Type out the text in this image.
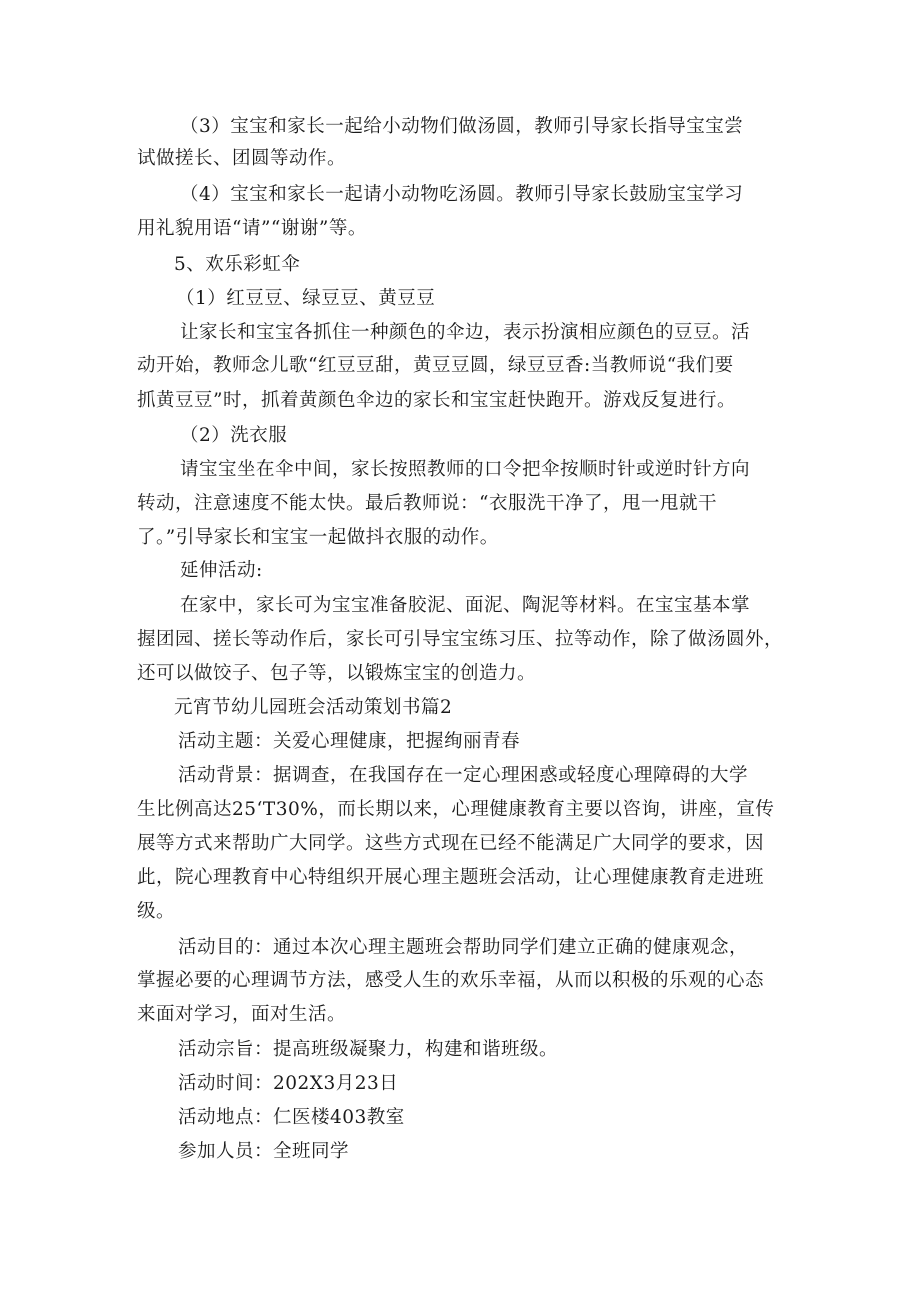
（3）宝宝和家长一起给小动物们做汤圆，教师引导家长指导宝宝尝
试做搓长、团圆等动作。
（4）宝宝和家长一起请小动物吃汤圆。教师引导家长鼓励宝宝学习
用礼貌用语“请”“谢谢”等。
5、欢乐彩虹伞
（1）红豆豆、绿豆豆、黄豆豆
让家长和宝宝各抓住一种颜色的伞边，表示扮演相应颜色的豆豆。活
动开始，教师念儿歌“红豆豆甜，黄豆豆圆，绿豆豆香:当教师说“我们要
抓黄豆豆”时，抓着黄颜色伞边的家长和宝宝赶快跑开。游戏反复进行。
（2）洗衣服
请宝宝坐在伞中间，家长按照教师的口令把伞按顺时针或逆时针方向
转动，注意速度不能太快。最后教师说：“衣服洗干净了，甩一甩就干
了。”引导家长和宝宝一起做抖衣服的动作。
延伸活动:
在家中，家长可为宝宝准备胶泥、面泥、陶泥等材料。在宝宝基本掌
握团园、搓长等动作后，家长可引导宝宝练习压、拉等动作，除了做汤圆外，
还可以做饺子、包子等，以锻炼宝宝的创造力。
元宵节幼儿园班会活动策划书篇2
活动主题：关爱心理健康，把握绚丽青春
活动背景：据调查，在我国存在一定心理困惑或轻度心理障碍的大学
生比例高达25‘T30%，而长期以来，心理健康教育主要以咨询，讲座，宣传
展等方式来帮助广大同学。这些方式现在已经不能满足广大同学的要求，因
此，院心理教育中心特组织开展心理主题班会活动，让心理健康教育走进班
级。
活动目的：通过本次心理主题班会帮助同学们建立正确的健康观念，
掌握必要的心理调节方法，感受人生的欢乐幸福，从而以积极的乐观的心态
来面对学习，面对生活。
活动宗旨：提高班级凝聚力，构建和谐班级。
活动时间：202X3月23日
活动地点：仁医楼403教室
参加人员：全班同学
